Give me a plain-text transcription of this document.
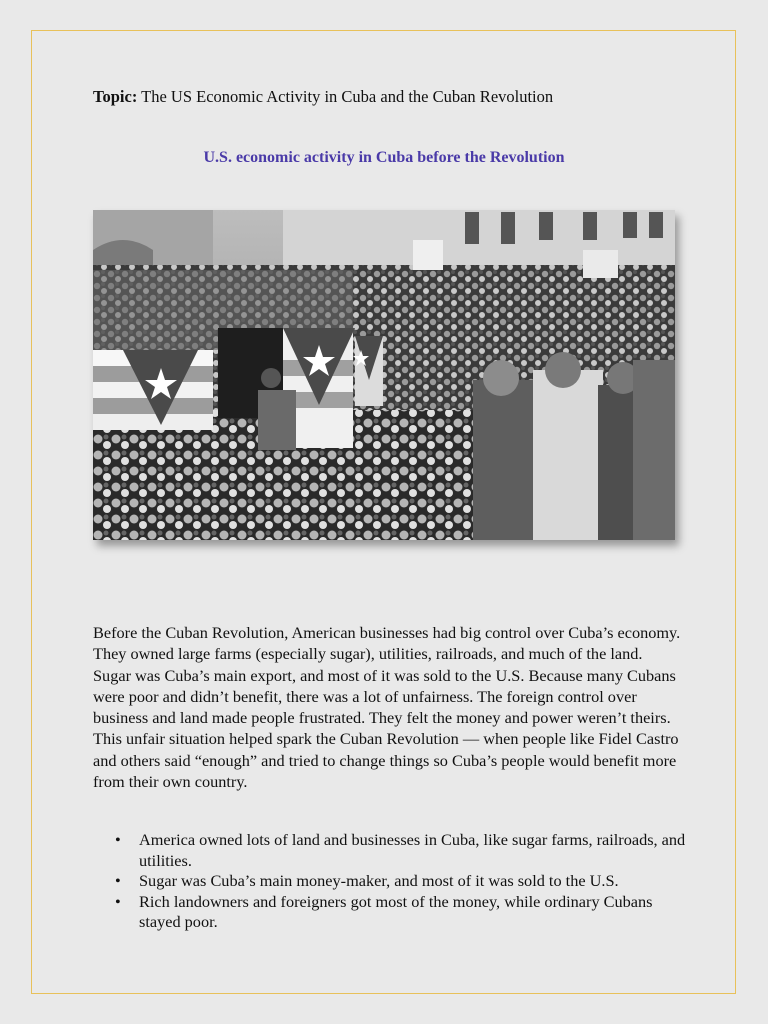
Topic: The US Economic Activity in Cuba and the Cuban Revolution
U.S. economic activity in Cuba before the Revolution

Before the Cuban Revolution, American businesses had big control over Cuba’s economy. They owned large farms (especially sugar), utilities, railroads, and much of the land. Sugar was Cuba’s main export, and most of it was sold to the U.S. Because many Cubans were poor and didn’t benefit, there was a lot of unfairness. The foreign control over business and land made people frustrated. They felt the money and power weren’t theirs. This unfair situation helped spark the Cuban Revolution — when people like Fidel Castro and others said “enough” and tried to change things so Cuba’s people would benefit more from their own country.

• America owned lots of land and businesses in Cuba, like sugar farms, railroads, and utilities.
• Sugar was Cuba’s main money-maker, and most of it was sold to the U.S.
• Rich landowners and foreigners got most of the money, while ordinary Cubans stayed poor.
